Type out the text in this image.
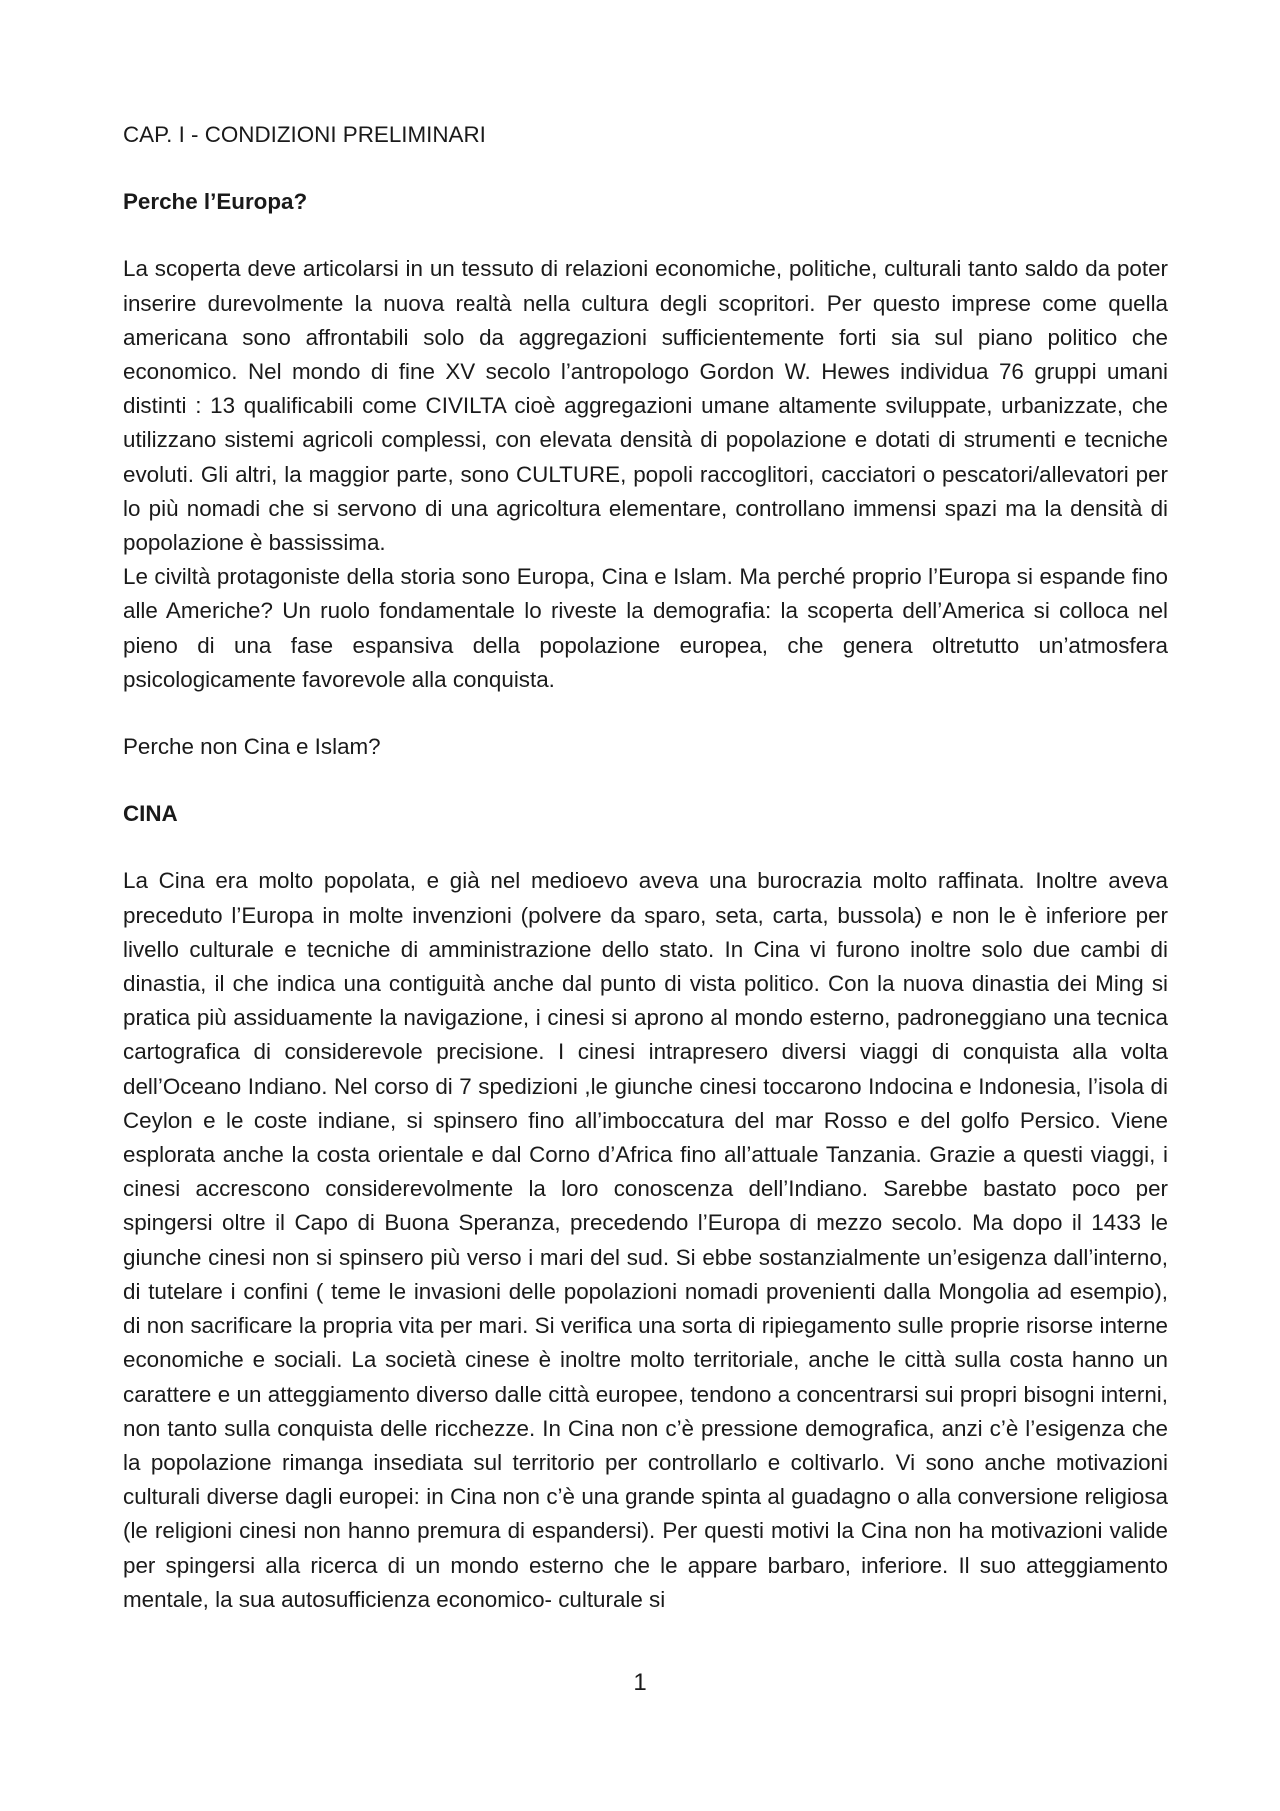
CAP. I - CONDIZIONI PRELIMINARI

Perche l’Europa?

La scoperta deve articolarsi in un tessuto di relazioni economiche, politiche, culturali tanto saldo da poter inserire durevolmente la nuova realtà nella cultura degli scopritori. Per questo imprese come quella americana sono affrontabili solo da aggregazioni sufficientemente forti sia sul piano politico che economico. Nel mondo di fine XV secolo l’antropologo Gordon W. Hewes individua 76 gruppi umani distinti : 13 qualificabili come CIVILTA cioè aggregazioni umane altamente sviluppate, urbanizzate, che utilizzano sistemi agricoli complessi, con elevata densità di popolazione e dotati di strumenti e tecniche evoluti. Gli altri, la maggior parte, sono CULTURE, popoli raccoglitori, cacciatori o pescatori/allevatori per lo più nomadi che si servono di una agricoltura elementare, controllano immensi spazi ma la densità di popolazione è bassissima.

Le civiltà protagoniste della storia sono Europa, Cina e Islam. Ma perché proprio l’Europa si espande fino alle Americhe? Un ruolo fondamentale lo riveste la demografia: la scoperta dell’America si colloca nel pieno di una fase espansiva della popolazione europea, che genera oltretutto un’atmosfera psicologicamente favorevole alla conquista.

Perche non Cina e Islam?

CINA

La Cina era molto popolata, e già nel medioevo aveva una burocrazia molto raffinata. Inoltre aveva preceduto l’Europa in molte invenzioni (polvere da sparo, seta, carta, bussola) e non le è inferiore per livello culturale e tecniche di amministrazione dello stato. In Cina vi furono inoltre solo due cambi di dinastia, il che indica una contiguità anche dal punto di vista politico. Con la nuova dinastia dei Ming si pratica più assiduamente la navigazione, i cinesi si aprono al mondo esterno, padroneggiano una tecnica cartografica di considerevole precisione. I cinesi intrapresero diversi viaggi di conquista alla volta dell’Oceano Indiano. Nel corso di 7 spedizioni ,le giunche cinesi toccarono Indocina e Indonesia, l’isola di Ceylon e le coste indiane, si spinsero fino all’imboccatura del mar Rosso e del golfo Persico. Viene esplorata anche la costa orientale e dal Corno d’Africa fino all’attuale Tanzania. Grazie a questi viaggi, i cinesi accrescono considerevolmente la loro conoscenza dell’Indiano. Sarebbe bastato poco per spingersi oltre il Capo di Buona Speranza, precedendo l’Europa di mezzo secolo. Ma dopo il 1433 le giunche cinesi non si spinsero più verso i mari del sud. Si ebbe sostanzialmente un’esigenza dall’interno, di tutelare i confini ( teme le invasioni delle popolazioni nomadi provenienti dalla Mongolia ad esempio), di non sacrificare la propria vita per mari. Si verifica una sorta di ripiegamento sulle proprie risorse interne economiche e sociali. La società cinese è inoltre molto territoriale, anche le città sulla costa hanno un carattere e un atteggiamento diverso dalle città europee, tendono a concentrarsi sui propri bisogni interni, non tanto sulla conquista delle ricchezze. In Cina non c’è pressione demografica, anzi c’è l’esigenza che la popolazione rimanga insediata sul territorio per controllarlo e coltivarlo. Vi sono anche motivazioni culturali diverse dagli europei: in Cina non c’è una grande spinta al guadagno o alla conversione religiosa (le religioni cinesi non hanno premura di espandersi). Per questi motivi la Cina non ha motivazioni valide per spingersi alla ricerca di un mondo esterno che le appare barbaro, inferiore. Il suo atteggiamento mentale, la sua autosufficienza economico- culturale si

1
